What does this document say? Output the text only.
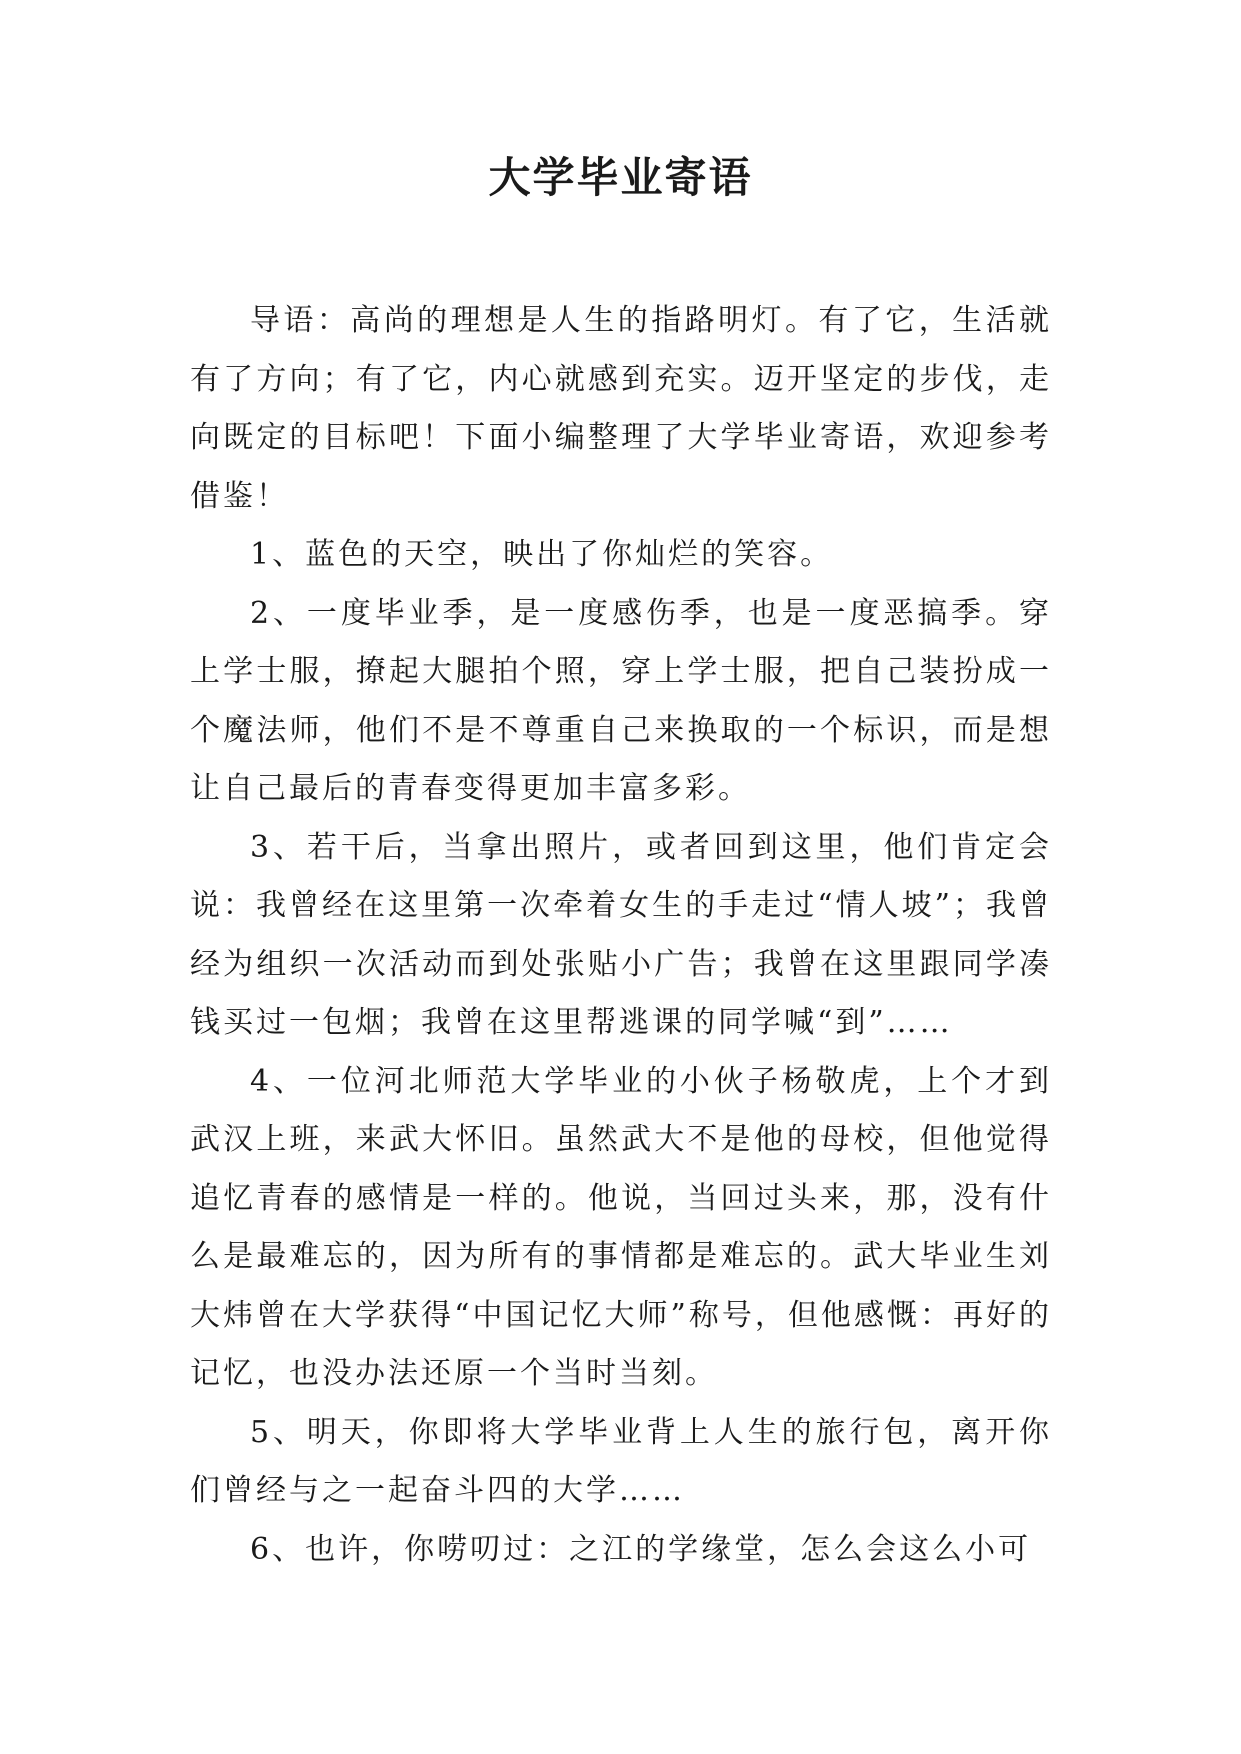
大学毕业寄语

导语：高尚的理想是人生的指路明灯。有了它，生活就有了方向；有了它，内心就感到充实。迈开坚定的步伐，走向既定的目标吧！下面小编整理了大学毕业寄语，欢迎参考借鉴！

1、蓝色的天空，映出了你灿烂的笑容。

2、一度毕业季，是一度感伤季，也是一度恶搞季。穿上学士服，撩起大腿拍个照，穿上学士服，把自己装扮成一个魔法师，他们不是不尊重自己来换取的一个标识，而是想让自己最后的青春变得更加丰富多彩。

3、若干后，当拿出照片，或者回到这里，他们肯定会说：我曾经在这里第一次牵着女生的手走过“情人坡”；我曾经为组织一次活动而到处张贴小广告；我曾在这里跟同学凑钱买过一包烟；我曾在这里帮逃课的同学喊“到”……

4、一位河北师范大学毕业的小伙子杨敬虎，上个才到武汉上班，来武大怀旧。虽然武大不是他的母校，但他觉得追忆青春的感情是一样的。他说，当回过头来，那，没有什么是最难忘的，因为所有的事情都是难忘的。武大毕业生刘大炜曾在大学获得“中国记忆大师”称号，但他感慨：再好的记忆，也没办法还原一个当时当刻。

5、明天，你即将大学毕业背上人生的旅行包，离开你们曾经与之一起奋斗四的大学……

6、也许，你唠叨过：之江的学缘堂，怎么会这么小可
